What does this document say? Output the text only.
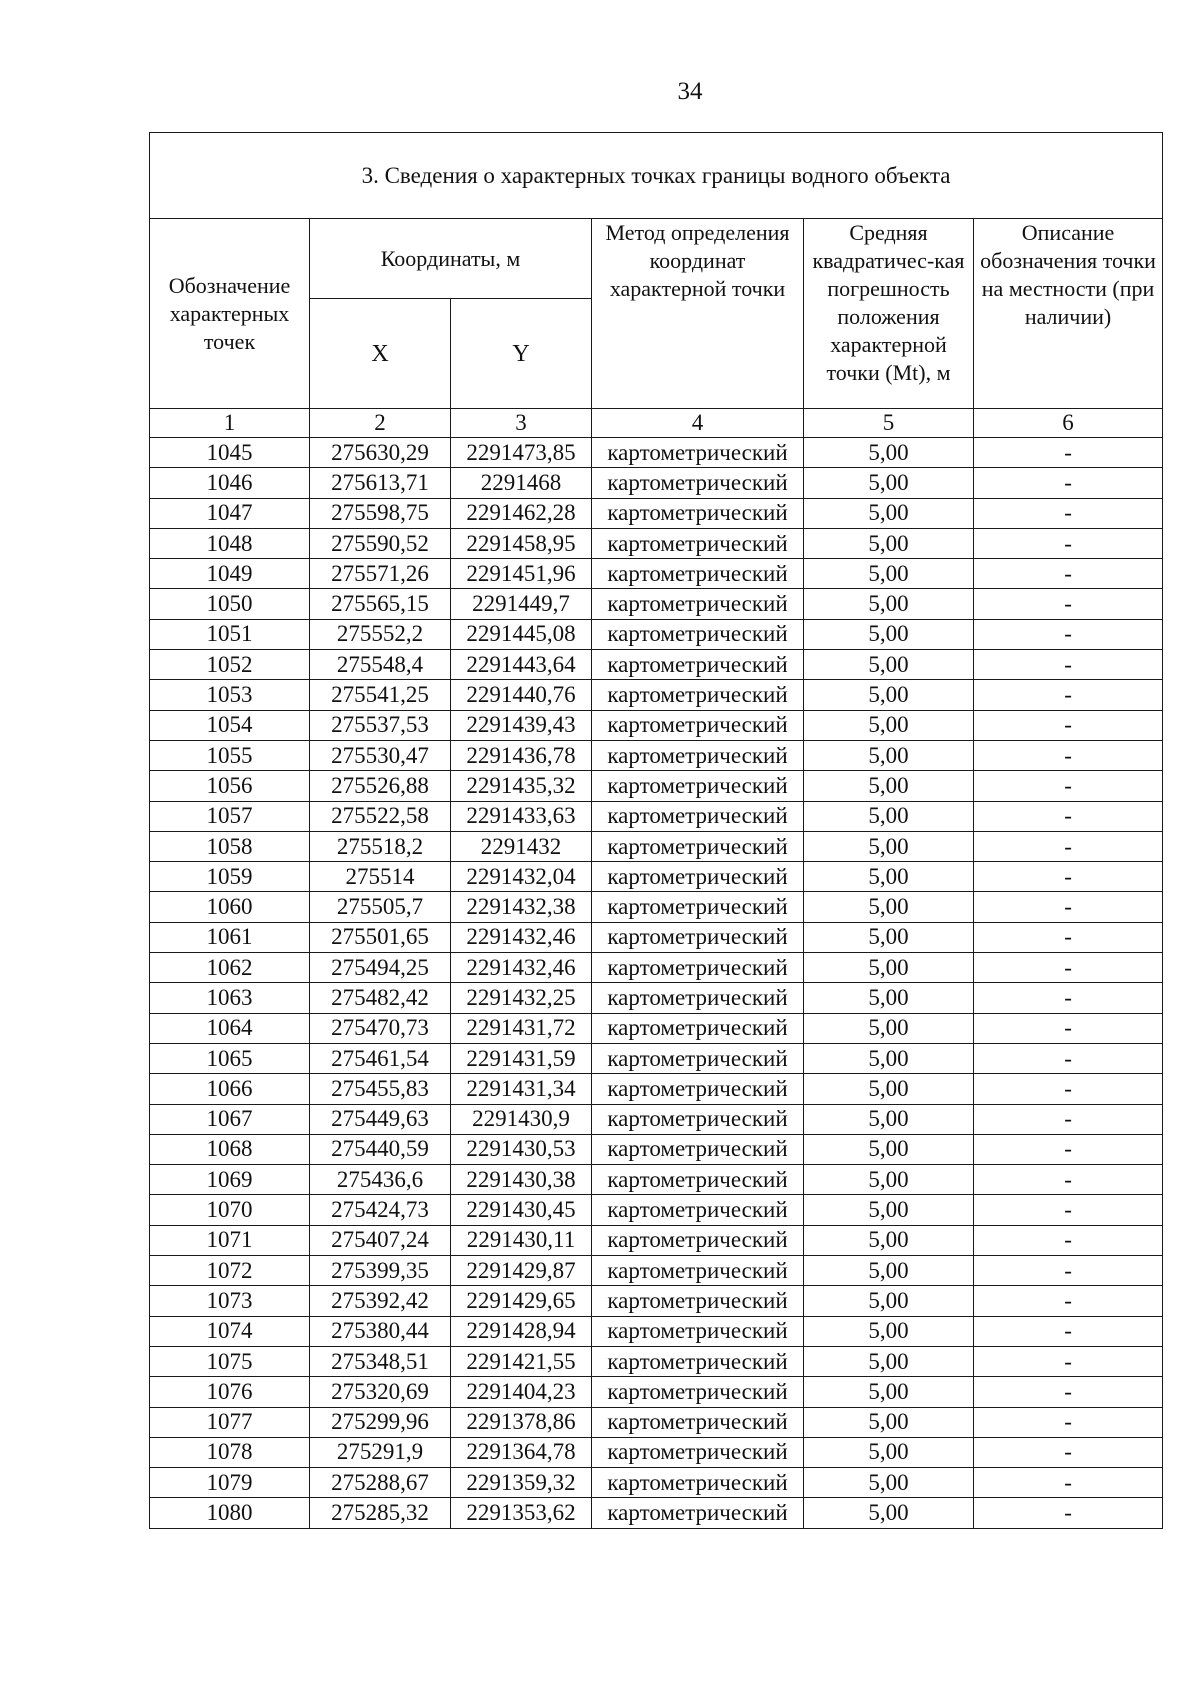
34
3. Сведения о характерных точках границы водного объекта					
Обозначение характерных точек	Координаты, м		Метод определения координат характерной точки	Средняя квадратичес-кая погрешность положения характерной точки (Mt), м	Описание обозначения точки на местности (при наличии)
	X	Y			
1	2	3	4	5	6
1045	275630,29	2291473,85	картометрический	5,00	-
1046	275613,71	2291468	картометрический	5,00	-
1047	275598,75	2291462,28	картометрический	5,00	-
1048	275590,52	2291458,95	картометрический	5,00	-
1049	275571,26	2291451,96	картометрический	5,00	-
1050	275565,15	2291449,7	картометрический	5,00	-
1051	275552,2	2291445,08	картометрический	5,00	-
1052	275548,4	2291443,64	картометрический	5,00	-
1053	275541,25	2291440,76	картометрический	5,00	-
1054	275537,53	2291439,43	картометрический	5,00	-
1055	275530,47	2291436,78	картометрический	5,00	-
1056	275526,88	2291435,32	картометрический	5,00	-
1057	275522,58	2291433,63	картометрический	5,00	-
1058	275518,2	2291432	картометрический	5,00	-
1059	275514	2291432,04	картометрический	5,00	-
1060	275505,7	2291432,38	картометрический	5,00	-
1061	275501,65	2291432,46	картометрический	5,00	-
1062	275494,25	2291432,46	картометрический	5,00	-
1063	275482,42	2291432,25	картометрический	5,00	-
1064	275470,73	2291431,72	картометрический	5,00	-
1065	275461,54	2291431,59	картометрический	5,00	-
1066	275455,83	2291431,34	картометрический	5,00	-
1067	275449,63	2291430,9	картометрический	5,00	-
1068	275440,59	2291430,53	картометрический	5,00	-
1069	275436,6	2291430,38	картометрический	5,00	-
1070	275424,73	2291430,45	картометрический	5,00	-
1071	275407,24	2291430,11	картометрический	5,00	-
1072	275399,35	2291429,87	картометрический	5,00	-
1073	275392,42	2291429,65	картометрический	5,00	-
1074	275380,44	2291428,94	картометрический	5,00	-
1075	275348,51	2291421,55	картометрический	5,00	-
1076	275320,69	2291404,23	картометрический	5,00	-
1077	275299,96	2291378,86	картометрический	5,00	-
1078	275291,9	2291364,78	картометрический	5,00	-
1079	275288,67	2291359,32	картометрический	5,00	-
1080	275285,32	2291353,62	картометрический	5,00	-
